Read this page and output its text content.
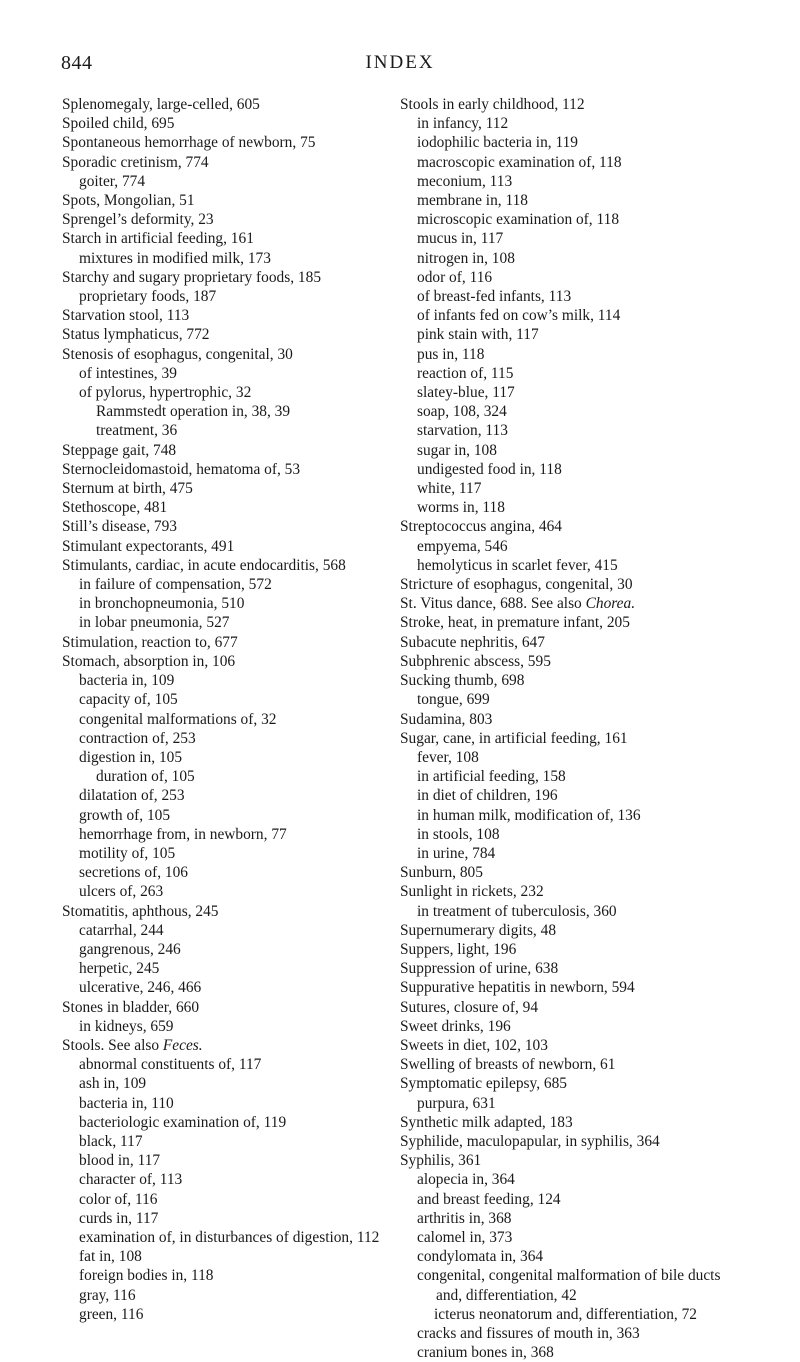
844	INDEX

Splenomegaly, large-celled, 605

Spoiled child, 695

Spontaneous hemorrhage of newborn, 75

Sporadic cretinism, 774

goiter, 774

Spots, Mongolian, 51

Sprengel’s deformity, 23

Starch in artificial feeding, 161

mixtures in modified milk, 173

Starchy and sugary proprietary foods, 185

proprietary foods, 187

Starvation stool, 113

Status lymphaticus, 772

Stenosis of esophagus, congenital, 30

of intestines, 39

of pylorus, hypertrophic, 32

Rammstedt operation in, 38, 39

treatment, 36

Steppage gait, 748

Sternocleidomastoid, hematoma of, 53

Sternum at birth, 475

Stethoscope, 481

Still’s disease, 793

Stimulant expectorants, 491

Stimulants, cardiac, in acute endocarditis, 568

in failure of compensation, 572

in bronchopneumonia, 510

in lobar pneumonia, 527

Stimulation, reaction to, 677

Stomach, absorption in, 106

bacteria in, 109

capacity of, 105

congenital malformations of, 32

contraction of, 253

digestion in, 105

duration of, 105

dilatation of, 253

growth of, 105

hemorrhage from, in newborn, 77

motility of, 105

secretions of, 106

ulcers of, 263

Stomatitis, aphthous, 245

catarrhal, 244

gangrenous, 246

herpetic, 245

ulcerative, 246, 466

Stones in bladder, 660

in kidneys, 659

Stools. See also Feces.

abnormal constituents of, 117

ash in, 109

bacteria in, 110

bacteriologic examination of, 119

black, 117

blood in, 117

character of, 113

color of, 116

curds in, 117

examination of, in disturbances of digestion, 112

fat in, 108

foreign bodies in, 118

gray, 116

green, 116

Stools in early childhood, 112

in infancy, 112

iodophilic bacteria in, 119

macroscopic examination of, 118

meconium, 113

membrane in, 118

microscopic examination of, 118

mucus in, 117

nitrogen in, 108

odor of, 116

of breast-fed infants, 113

of infants fed on cow’s milk, 114

pink stain with, 117

pus in, 118

reaction of, 115

slatey-blue, 117

soap, 108, 324

starvation, 113

sugar in, 108

undigested food in, 118

white, 117

worms in, 118

Streptococcus angina, 464

empyema, 546

hemolyticus in scarlet fever, 415

Stricture of esophagus, congenital, 30

St. Vitus dance, 688. See also Chorea.

Stroke, heat, in premature infant, 205

Subacute nephritis, 647

Subphrenic abscess, 595

Sucking thumb, 698

tongue, 699

Sudamina, 803

Sugar, cane, in artificial feeding, 161

fever, 108

in artificial feeding, 158

in diet of children, 196

in human milk, modification of, 136

in stools, 108

in urine, 784

Sunburn, 805

Sunlight in rickets, 232

in treatment of tuberculosis, 360

Supernumerary digits, 48

Suppers, light, 196

Suppression of urine, 638

Suppurative hepatitis in newborn, 594

Sutures, closure of, 94

Sweet drinks, 196

Sweets in diet, 102, 103

Swelling of breasts of newborn, 61

Symptomatic epilepsy, 685

purpura, 631

Synthetic milk adapted, 183

Syphilide, maculopapular, in syphilis, 364

Syphilis, 361

alopecia in, 364

and breast feeding, 124

arthritis in, 368

calomel in, 373

condylomata in, 364

congenital, congenital malformation of bile ducts and, differentiation, 42

icterus neonatorum and, differentiation, 72

cracks and fissures of mouth in, 363

cranium bones in, 368
